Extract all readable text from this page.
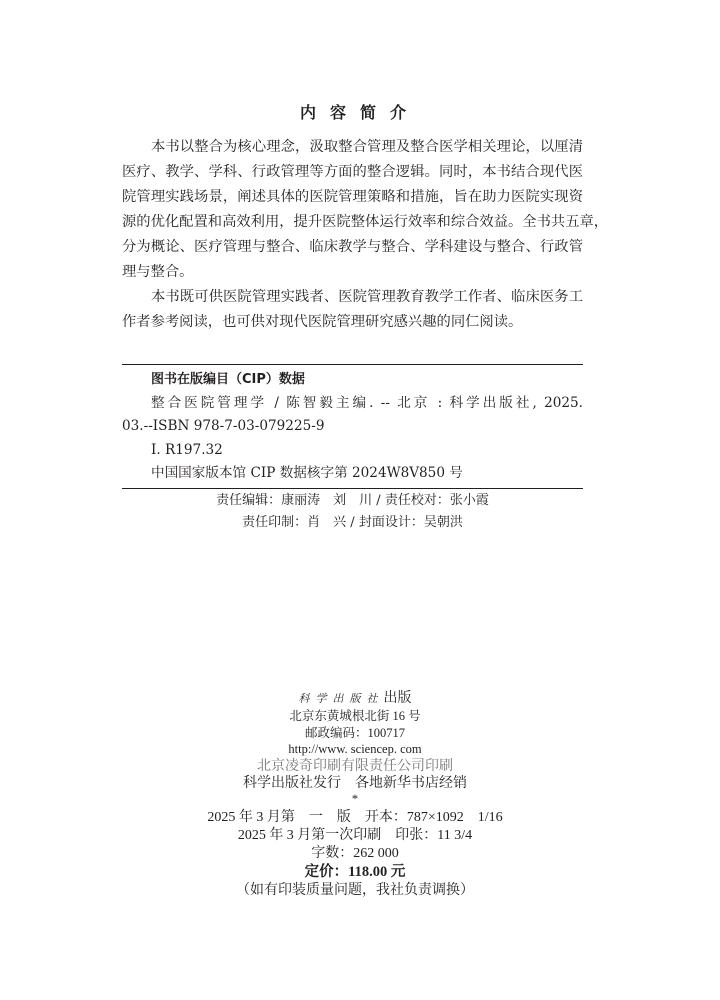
内容简介
本书以整合为核心理念，汲取整合管理及整合医学相关理论，以厘清
医疗、教学、学科、行政管理等方面的整合逻辑。同时，本书结合现代医
院管理实践场景，阐述具体的医院管理策略和措施，旨在助力医院实现资
源的优化配置和高效利用，提升医院整体运行效率和综合效益。全书共五章，
分为概论、医疗管理与整合、临床教学与整合、学科建设与整合、行政管
理与整合。
本书既可供医院管理实践者、医院管理教育教学工作者、临床医务工
作者参考阅读，也可供对现代医院管理研究感兴趣的同仁阅读。
图书在版编目（CIP）数据
整合医院管理学 / 陈智毅主编. -- 北京 : 科学出版社, 2025.
03.--ISBN 978-7-03-079225-9
Ⅰ. R197.32
中国国家版本馆 CIP 数据核字第 2024W8V850 号
责任编辑：康丽涛　刘　川 / 责任校对：张小霞
责任印制：肖　兴 / 封面设计：吴朝洪
科学出版社出版
北京东黄城根北街 16 号
邮政编码：100717
http://www. sciencep. com
北京凌奇印刷有限责任公司印刷
科学出版社发行　各地新华书店经销
*
2025 年 3 月第　一　版　开本：787×1092　1/16
2025 年 3 月第一次印刷　印张：11 3/4
字数：262 000
定价：118.00 元
（如有印装质量问题，我社负责调换）
